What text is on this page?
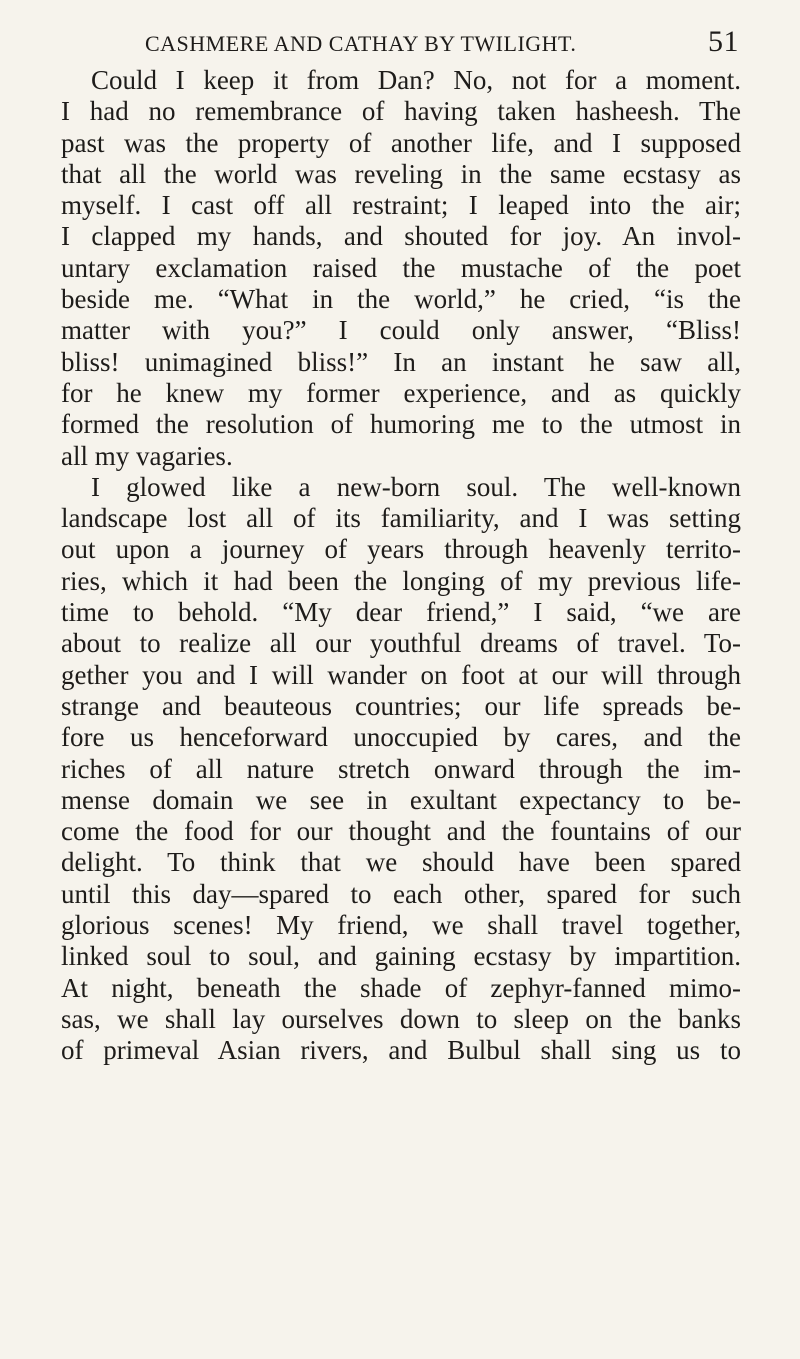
CASHMERE AND CATHAY BY TWILIGHT.	51
Could I keep it from Dan? No, not for a moment.
I had no remembrance of having taken hasheesh. The
past was the property of another life, and I supposed
that all the world was reveling in the same ecstasy as
myself. I cast off all restraint; I leaped into the air;
I clapped my hands, and shouted for joy. An invol-
untary exclamation raised the mustache of the poet
beside me. “What in the world,” he cried, “is the
matter with you?” I could only answer, “Bliss!
bliss! unimagined bliss!” In an instant he saw all,
for he knew my former experience, and as quickly
formed the resolution of humoring me to the utmost in
all my vagaries.
I glowed like a new-born soul. The well-known
landscape lost all of its familiarity, and I was setting
out upon a journey of years through heavenly territo-
ries, which it had been the longing of my previous life-
time to behold. “My dear friend,” I said, “we are
about to realize all our youthful dreams of travel. To-
gether you and I will wander on foot at our will through
strange and beauteous countries; our life spreads be-
fore us henceforward unoccupied by cares, and the
riches of all nature stretch onward through the im-
mense domain we see in exultant expectancy to be-
come the food for our thought and the fountains of our
delight. To think that we should have been spared
until this day—spared to each other, spared for such
glorious scenes! My friend, we shall travel together,
linked soul to soul, and gaining ecstasy by impartition.
At night, beneath the shade of zephyr-fanned mimo-
sas, we shall lay ourselves down to sleep on the banks
of primeval Asian rivers, and Bulbul shall sing us to
